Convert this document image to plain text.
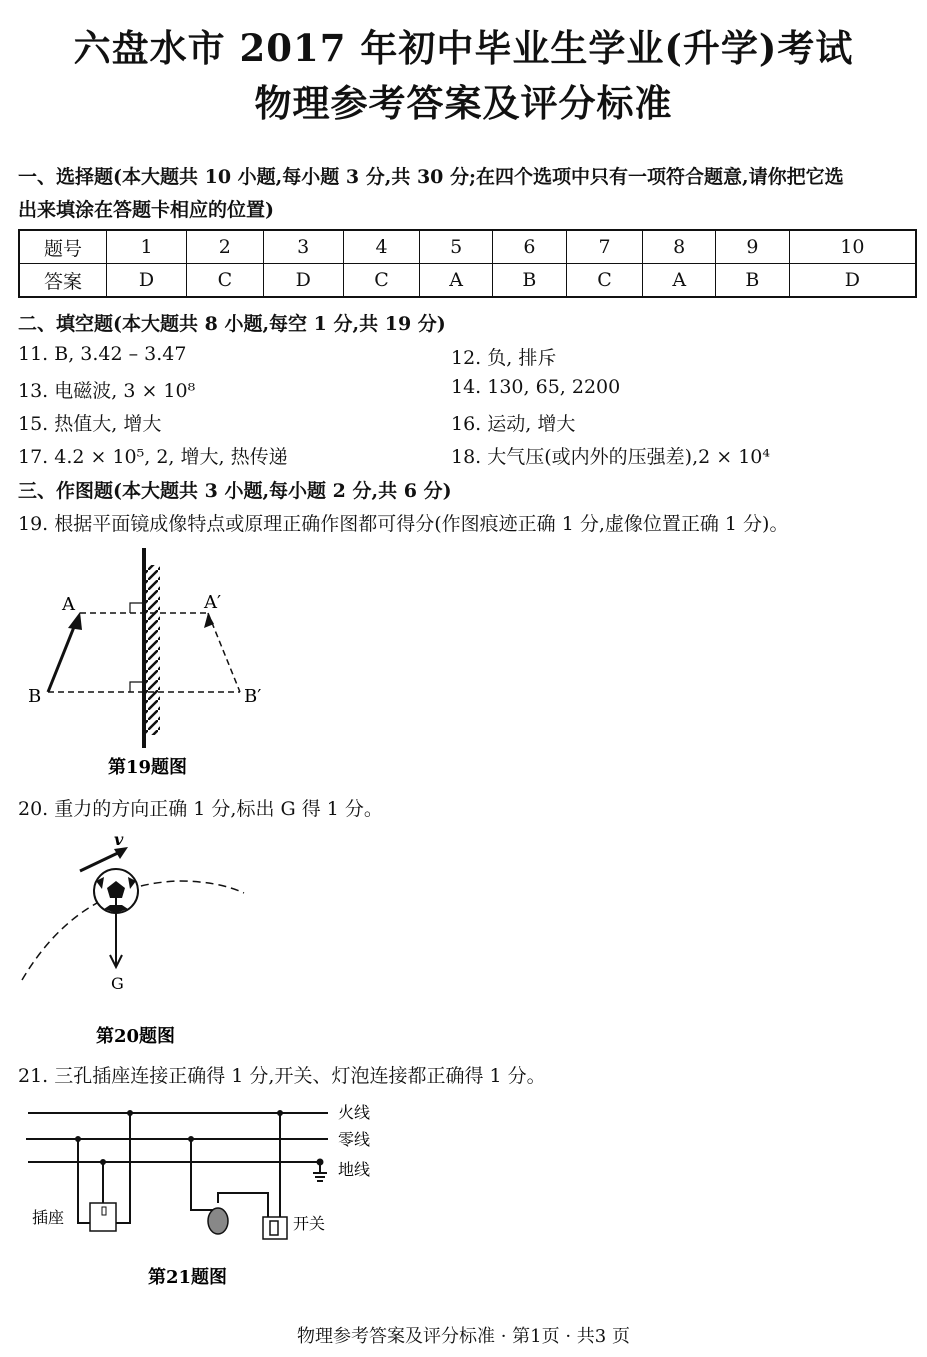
六盘水市 2017 年初中毕业生学业(升学)考试
物理参考答案及评分标准
一、选择题(本大题共 10 小题,每小题 3 分,共 30 分;在四个选项中只有一项符合题意,请你把它选
出来填涂在答题卡相应的位置)
题号	1	2	3	4	5	6	7	8	9	10
答案	D	C	D	C	A	B	C	A	B	D
二、填空题(本大题共 8 小题,每空 1 分,共 19 分)
11. B, 3.42 – 3.47	12. 负, 排斥
13. 电磁波, 3 × 10⁸	14. 130, 65, 2200
15. 热值大, 增大	16. 运动, 增大
17. 4.2 × 10⁵, 2, 增大, 热传递	18. 大气压(或内外的压强差),2 × 10⁴
三、作图题(本大题共 3 小题,每小题 2 分,共 6 分)
19. 根据平面镜成像特点或原理正确作图都可得分(作图痕迹正确 1 分,虚像位置正确 1 分)。
A
B
A′
B′
第19题图
20. 重力的方向正确 1 分,标出 G 得 1 分。
v
G
第20题图
21. 三孔插座连接正确得 1 分,开关、灯泡连接都正确得 1 分。
火线
零线
地线
插座	开关
第21题图
物理参考答案及评分标准 · 第1页 · 共3 页
